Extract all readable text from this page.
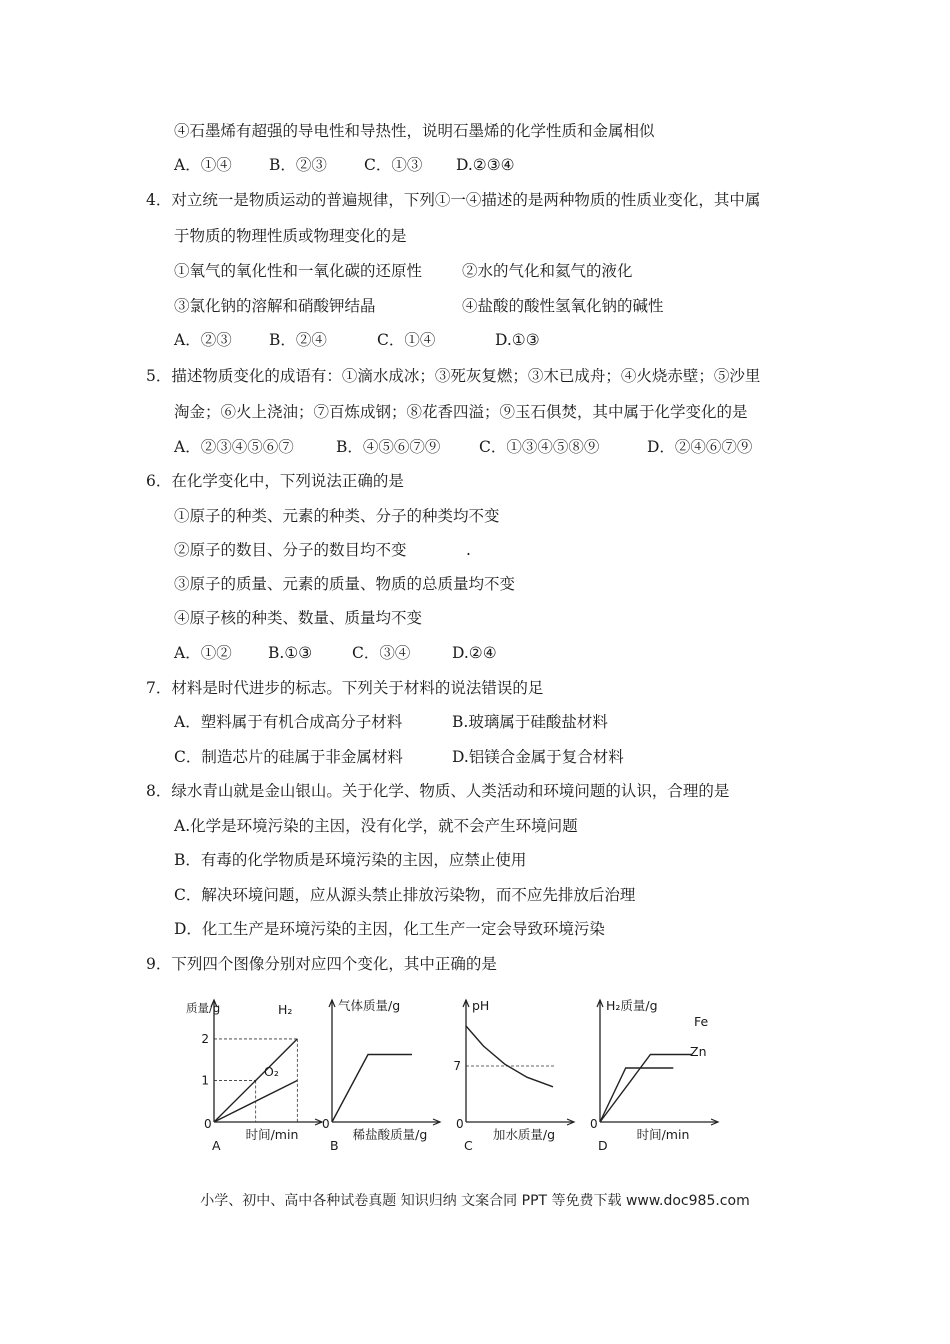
④石墨烯有超强的导电性和导热性，说明石墨烯的化学性质和金属相似
A．①④ B．②③ C．①③ D.②③④
4．对立统一是物质运动的普遍规律，下列①一④描述的是两种物质的性质业变化，其中属
于物质的物理性质或物理变化的是
①氧气的氧化性和一氧化碳的还原性	②水的气化和氦气的液化
③氯化钠的溶解和硝酸钾结晶	④盐酸的酸性氢氧化钠的碱性
A．②③ B．②④	C．①④	D.①③
5．描述物质变化的成语有：①滴水成冰；③死灰复燃；③木已成舟；④火烧赤壁；⑤沙里
淘金；⑥火上浇油；⑦百炼成钢；⑧花香四溢；⑨玉石俱焚，其中属于化学变化的是
A．②③④⑤⑥⑦	B．④⑤⑥⑦⑨ C．①③④⑤⑧⑨	D．②④⑥⑦⑨
6．在化学变化中，下列说法正确的是
①原子的种类、元素的种类、分子的种类均不变
②原子的数目、分子的数目均不变	.
③原子的质量、元素的质量、物质的总质量均不变
④原子核的种类、数量、质量均不变
A．①② B.①③	C．③④	D.②④
7．材料是时代进步的标志。下列关于材料的说法错误的足
A．塑料属于有机合成高分子材料	B.玻璃属于硅酸盐材料
C．制造芯片的硅属于非金属材料	D.铝镁合金属于复合材料
8．绿水青山就是金山银山。关于化学、物质、人类活动和环境问题的认识，合理的是
A.化学是环境污染的主因，没有化学，就不会产生环境问题
B．有毒的化学物质是环境污染的主因，应禁止使用
C．解决环境问题，应从源头禁止排放污染物，而不应先排放后治理
D．化工生产是环境污染的主因，化工生产一定会导致环境污染
9．下列四个图像分别对应四个变化，其中正确的是
0
质量/g
时间/min
1
2
H₂
O₂
A
0
气体质量/g
稀盐酸质量/g
B
0
pH
加水质量/g
7
C
0
H₂质量/g
时间/min
Fe
Zn
D
小学、初中、高中各种试卷真题 知识归纳 文案合同 PPT 等免费下载 www.doc985.com
